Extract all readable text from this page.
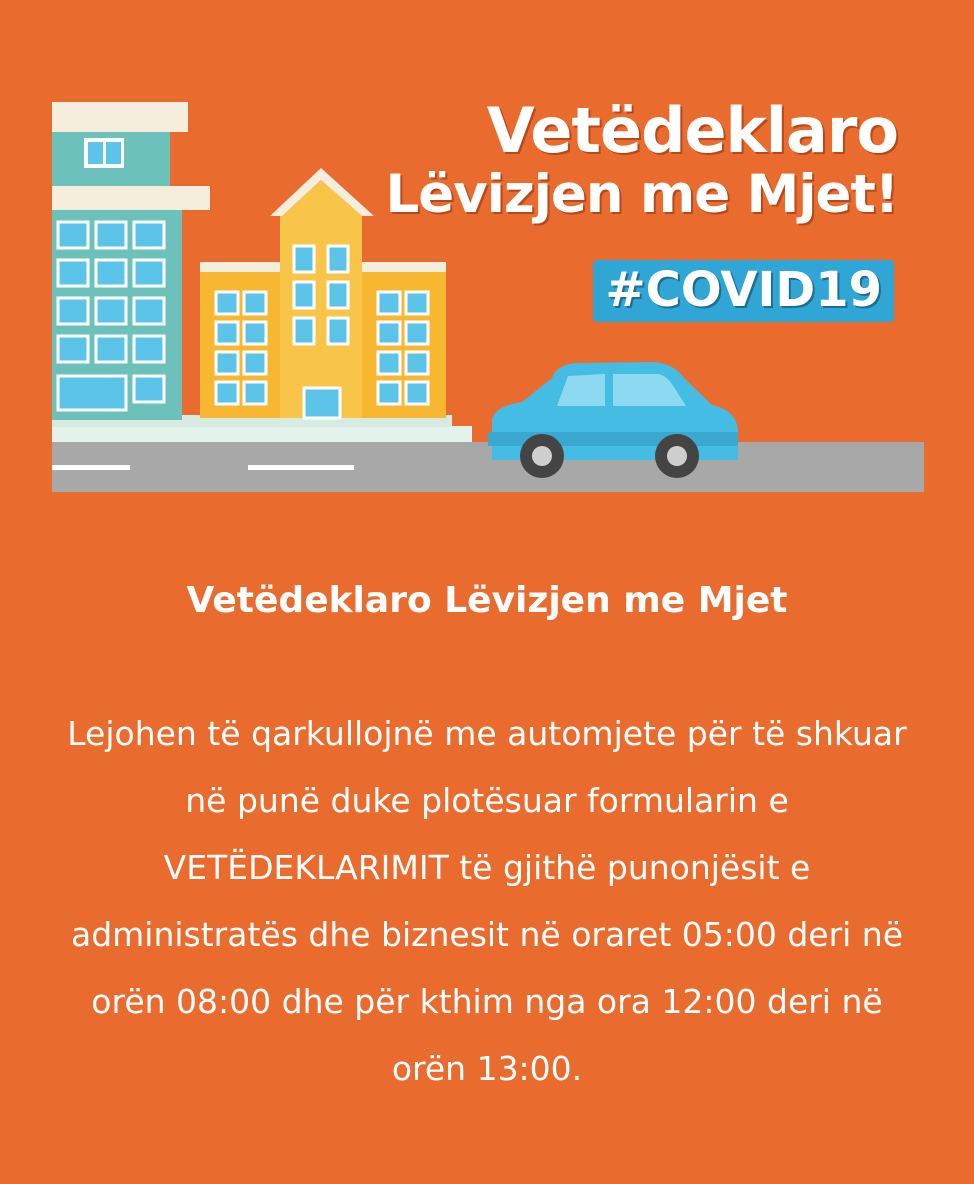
Vetëdeklaro
Lëvizjen me Mjet!
#COVID19
Vetëdeklaro Lëvizjen me Mjet

Lejohen të qarkullojnë me automjete për të shkuar në punë duke plotësuar formularin e VETËDEKLARIMIT të gjithë punonjësit e administratës dhe biznesit në oraret 05:00 deri në orën 08:00 dhe për kthim nga ora 12:00 deri në orën 13:00.
